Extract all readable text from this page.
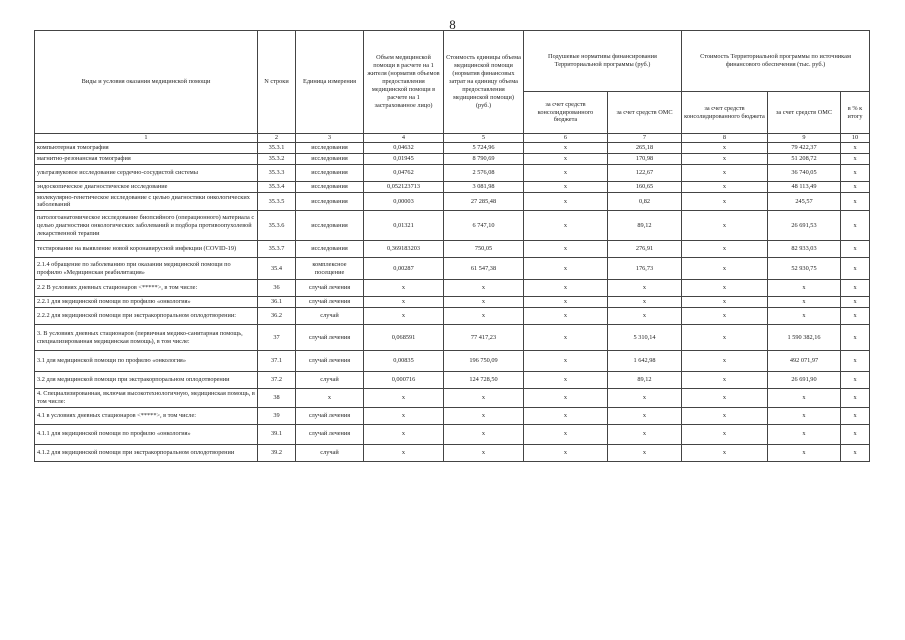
8
Виды и условия оказания медицинской помощи	N строки	Единица измерения	Объем медицинской помощи в расчете на 1 жителя (норматив объемов предоставления медицинской помощи в расчете на 1 застрахованное лицо)	Стоимость единицы объема медицинской помощи (норматив финансовых затрат на единицу объема предоставления медицинской помощи) (руб.)	Подушевые нормативы финансирования Территориальной программы (руб.)		Стоимость Территориальной программы по источникам финансового обеспечения (тыс. руб.)		
					за счет средств консолидированного бюджета	за счет средств ОМС	за счет средств консолидированного бюджета	за счет средств ОМС	в % к итогу
1	2	3	4	5	6	7	8	9	10
компьютерная томография	35.3.1	исследования	0,04632	5 724,96	x	265,18	x	79 422,37	x
магнитно-резонансная томография	35.3.2	исследования	0,01945	8 790,69	x	170,98	x	51 208,72	x
ультразвуковое исследование сердечно-сосудистой системы	35.3.3	исследования	0,04762	2 576,08	x	122,67	x	36 740,05	x
эндоскопическое диагностическое исследование	35.3.4	исследования	0,052123713	3 081,98	x	160,65	x	48 113,49	x
молекулярно-генетическое исследование с целью диагностики онкологических заболеваний	35.3.5	исследования	0,00003	27 285,48	x	0,82	x	245,57	x
патологоанатомическое исследование биопсийного (операционного) материала с целью диагностики онкологических заболеваний и подбора противоопухолевой лекарственной терапии	35.3.6	исследования	0,01321	6 747,10	x	89,12	x	26 691,53	x
тестирование на выявление новой коронавирусной инфекции (COVID-19)	35.3.7	исследования	0,369183203	750,05	x	276,91	x	82 933,03	x
2.1.4 обращение по заболеванию при оказании медицинской помощи по профилю «Медицинская реабилитация»	35.4	комплексное посещение	0,00287	61 547,38	x	176,73	x	52 930,75	x
2.2 В условиях дневных стационаров <*****>, в том числе:	36	случай лечения	x	x	x	x	x	x	x
2.2.1 для медицинской помощи по профилю «онкология»	36.1	случай лечения	x	x	x	x	x	x	x
2.2.2 для медицинской помощи при экстракорпоральном оплодотворении:	36.2	случай	x	x	x	x	x	x	x
3. В условиях дневных стационаров (первичная медико-санитарная помощь, специализированная медицинская помощь), в том числе:	37	случай лечения	0,068591	77 417,23	x	5 310,14	x	1 590 382,16	x
3.1 для медицинской помощи по профилю «онкология»	37.1	случай лечения	0,00835	196 750,09	x	1 642,98	x	492 071,97	x
3.2 для медицинской помощи при экстракорпоральном оплодотворении	37.2	случай	0,000716	124 728,50	x	89,12	x	26 691,90	x
4. Специализированная, включая высокотехнологичную, медицинская помощь, в том числе:	38	x	x	x	x	x	x	x	x
4.1 в условиях дневных стационаров <*****>, в том числе:	39	случай лечения	x	x	x	x	x	x	x
4.1.1 для медицинской помощи по профилю «онкология»	39.1	случай лечения	x	x	x	x	x	x	x
4.1.2 для медицинской помощи при экстракорпоральном оплодотворении	39.2	случай	x	x	x	x	x	x	x
